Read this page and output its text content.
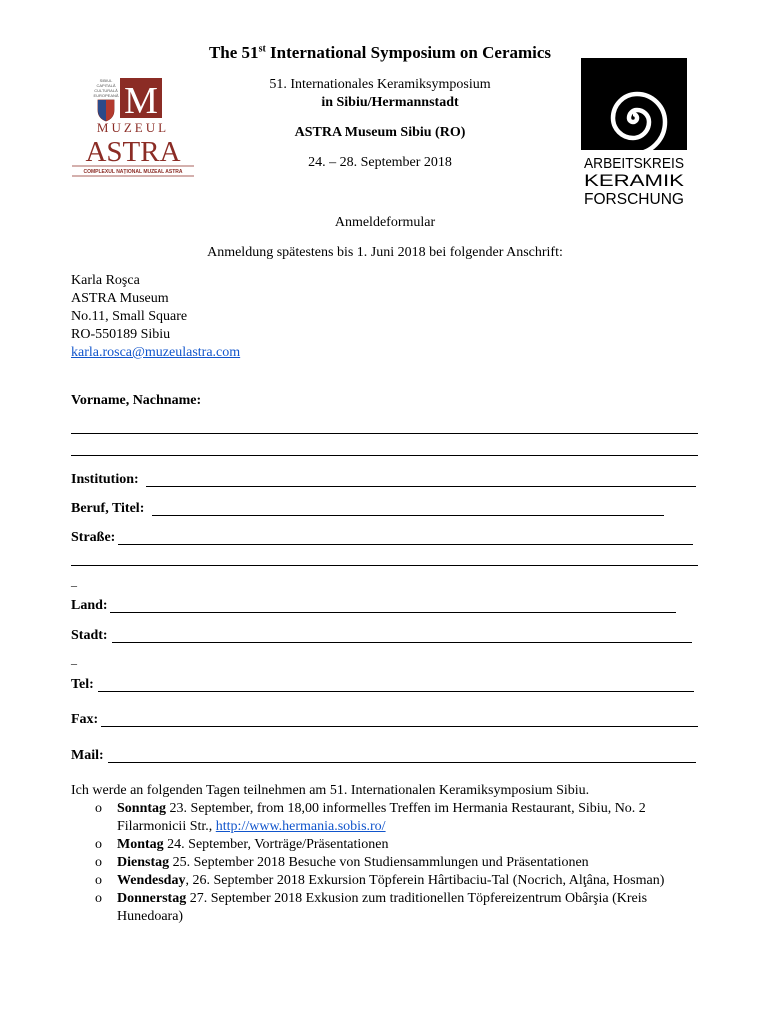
SIBIUL
CAPITALĂ
CULTURALĂ
EUROPEANĂ M
MUZEUL
ASTRA
COMPLEXUL NAȚIONAL MUZEAL ASTRA	ARBEITSKREIS
KERAMIK
FORSCHUNG
The 51st International Symposium on Ceramics
51. Internationales Keramiksymposium
in Sibiu/Hermannstadt
ASTRA Museum Sibiu (RO)
24. – 28. September 2018
Anmeldeformular
Anmeldung spätestens bis 1. Juni 2018 bei folgender Anschrift:
Karla Roşca
ASTRA Museum
No.11, Small Square
RO-550189 Sibiu
karla.rosca@muzeulastra.com
Vorname, Nachname:
Institution:
Beruf, Titel:
Straße:
_
Land:
Stadt:
_
Tel:
Fax:
Mail:
Ich werde an folgenden Tagen teilnehmen am 51. Internationalen Keramiksymposium Sibiu.
o Sonntag 23. September, from 18,00 informelles Treffen im Hermania Restaurant, Sibiu, No. 2 Filarmonicii Str., http://www.hermania.sobis.ro/
o Montag 24. September, Vorträge/Präsentationen
o Dienstag 25. September 2018 Besuche von Studiensammlungen und Präsentationen
o Wendesday, 26. September 2018 Exkursion Töpferein Hârtibaciu-Tal (Nocrich, Alţâna, Hosman)
o Donnerstag 27. September 2018 Exkusion zum traditionellen Töpfereizentrum Obârşia (Kreis Hunedoara)
